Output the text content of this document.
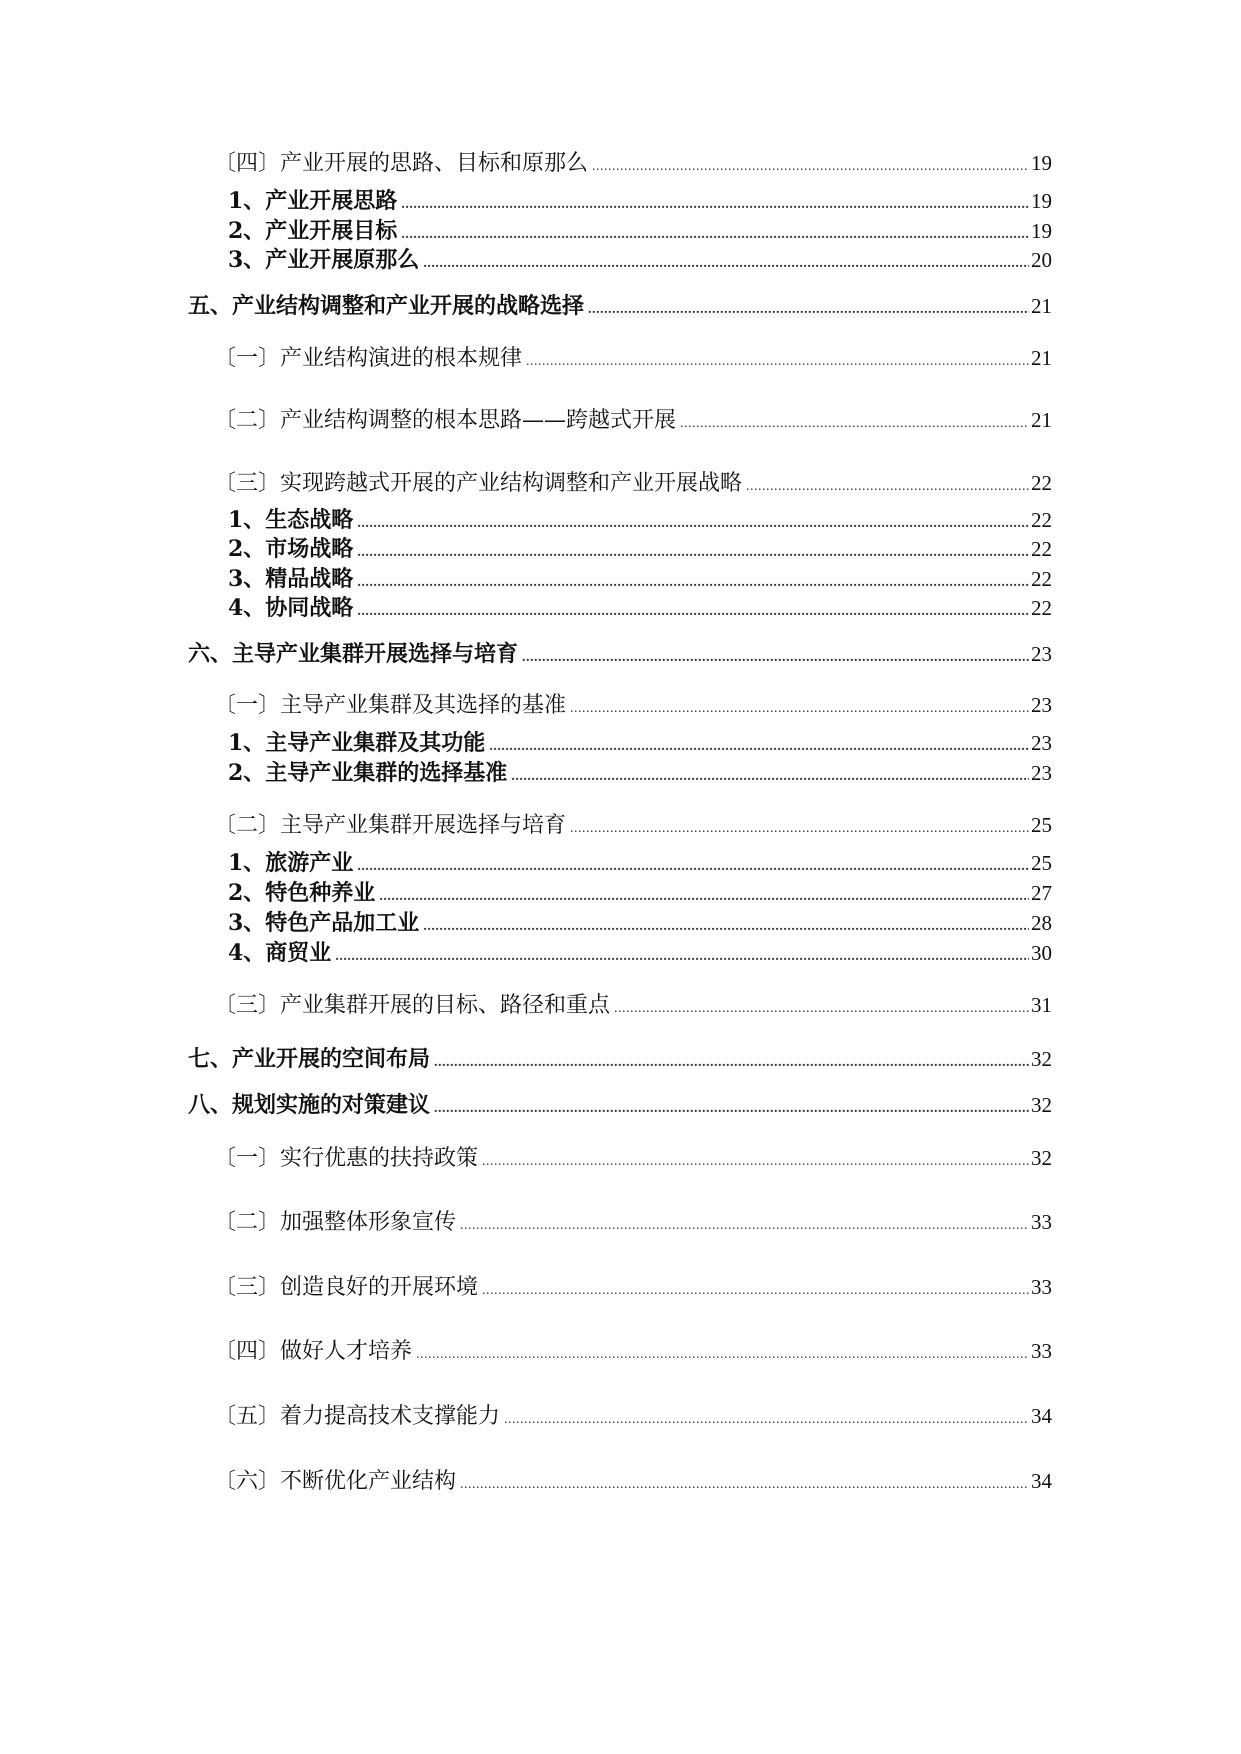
〔四〕产业开展的思路、目标和原那么 .....	19
1、产业开展思路 .....	19
2、产业开展目标 .....	19
3、产业开展原那么 .....	20
五、产业结构调整和产业开展的战略选择 .....	21
〔一〕产业结构演进的根本规律 .....	21
〔二〕产业结构调整的根本思路——跨越式开展 .....	21
〔三〕实现跨越式开展的产业结构调整和产业开展战略 .....	22
1、生态战略 .....	22
2、市场战略 .....	22
3、精品战略 .....	22
4、协同战略 .....	22
六、主导产业集群开展选择与培育 .....	23
〔一〕主导产业集群及其选择的基准 .....	23
1、主导产业集群及其功能 .....	23
2、主导产业集群的选择基准 .....	23
〔二〕主导产业集群开展选择与培育 .....	25
1、旅游产业 .....	25
2、特色种养业 .....	27
3、特色产品加工业 .....	28
4、商贸业 .....	30
〔三〕产业集群开展的目标、路径和重点 .....	31
七、产业开展的空间布局 .....	32
八、规划实施的对策建议 .....	32
〔一〕实行优惠的扶持政策 .....	32
〔二〕加强整体形象宣传 .....	33
〔三〕创造良好的开展环境 .....	33
〔四〕做好人才培养 .....	33
〔五〕着力提高技术支撑能力 .....	34
〔六〕不断优化产业结构 .....	34
